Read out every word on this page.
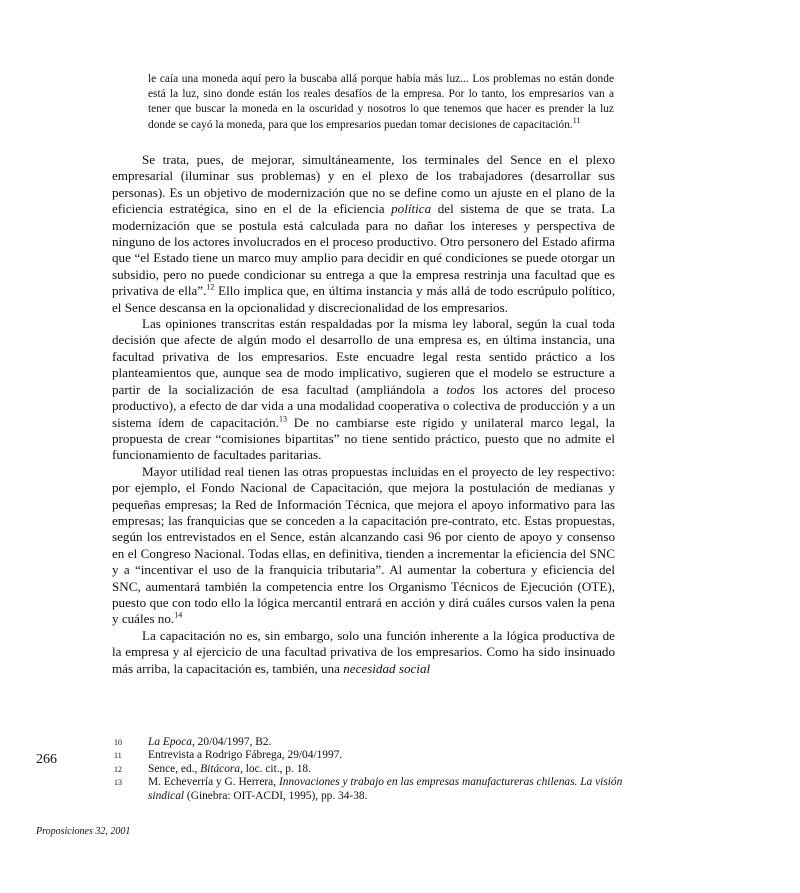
le caía una moneda aquí pero la buscaba allá porque había más luz... Los problemas no están donde está la luz, sino donde están los reales desafíos de la empresa. Por lo tanto, los empresarios van a tener que buscar la moneda en la oscuridad y nosotros lo que tenemos que hacer es prender la luz donde se cayó la moneda, para que los empresarios puedan tomar decisiones de capacitación.$^{11}$

Se trata, pues, de mejorar, simultáneamente, los terminales del Sence en el plexo empresarial (iluminar sus problemas) y en el plexo de los trabajadores (desarrollar sus personas). Es un objetivo de modernización que no se define como un ajuste en el plano de la eficiencia estratégica, sino en el de la eficiencia política del sistema de que se trata. La modernización que se postula está calculada para no dañar los intereses y perspectiva de ninguno de los actores involucrados en el proceso productivo. Otro personero del Estado afirma que “el Estado tiene un marco muy amplio para decidir en qué condiciones se puede otorgar un subsidio, pero no puede condicionar su entrega a que la empresa restrinja una facultad que es privativa de ella”.$^{12}$ Ello implica que, en última instancia y más allá de todo escrúpulo político, el Sence descansa en la opcionalidad y discrecionalidad de los empresarios.

Las opiniones transcritas están respaldadas por la misma ley laboral, según la cual toda decisión que afecte de algún modo el desarrollo de una empresa es, en última instancia, una facultad privativa de los empresarios. Este encuadre legal resta sentido práctico a los planteamientos que, aunque sea de modo implicativo, sugieren que el modelo se estructure a partir de la socialización de esa facultad (ampliándola a todos los actores del proceso productivo), a efecto de dar vida a una modalidad cooperativa o colectiva de producción y a un sistema ídem de capacitación.$^{13}$ De no cambiarse este rígido y unilateral marco legal, la propuesta de crear “comisiones bipartitas” no tiene sentido práctico, puesto que no admite el funcionamiento de facultades paritarias.

Mayor utilidad real tienen las otras propuestas incluidas en el proyecto de ley respectivo: por ejemplo, el Fondo Nacional de Capacitación, que mejora la postulación de medianas y pequeñas empresas; la Red de Información Técnica, que mejora el apoyo informativo para las empresas; las franquicias que se conceden a la capacitación pre-contrato, etc. Estas propuestas, según los entrevistados en el Sence, están alcanzando casi 96 por ciento de apoyo y consenso en el Congreso Nacional. Todas ellas, en definitiva, tienden a incrementar la eficiencia del SNC y a “incentivar el uso de la franquicia tributaria”. Al aumentar la cobertura y eficiencia del SNC, aumentará también la competencia entre los Organismo Técnicos de Ejecución (OTE), puesto que con todo ello la lógica mercantil entrará en acción y dirá cuáles cursos valen la pena y cuáles no.$^{14}$

La capacitación no es, sin embargo, solo una función inherente a la lógica productiva de la empresa y al ejercicio de una facultad privativa de los empresarios. Como ha sido insinuado más arriba, la capacitación es, también, una necesidad social

10	La Epoca, 20/04/1997, B2.
11	Entrevista a Rodrigo Fábrega, 29/04/1997.
12	Sence, ed., Bitácora, loc. cit., p. 18.
13	M. Echeverría y G. Herrera, Innovaciones y trabajo en las empresas manufactureras chilenas. La visión sindical (Ginebra: OIT-ACDI, 1995), pp. 34-38.
266
Proposiciones 32, 2001
